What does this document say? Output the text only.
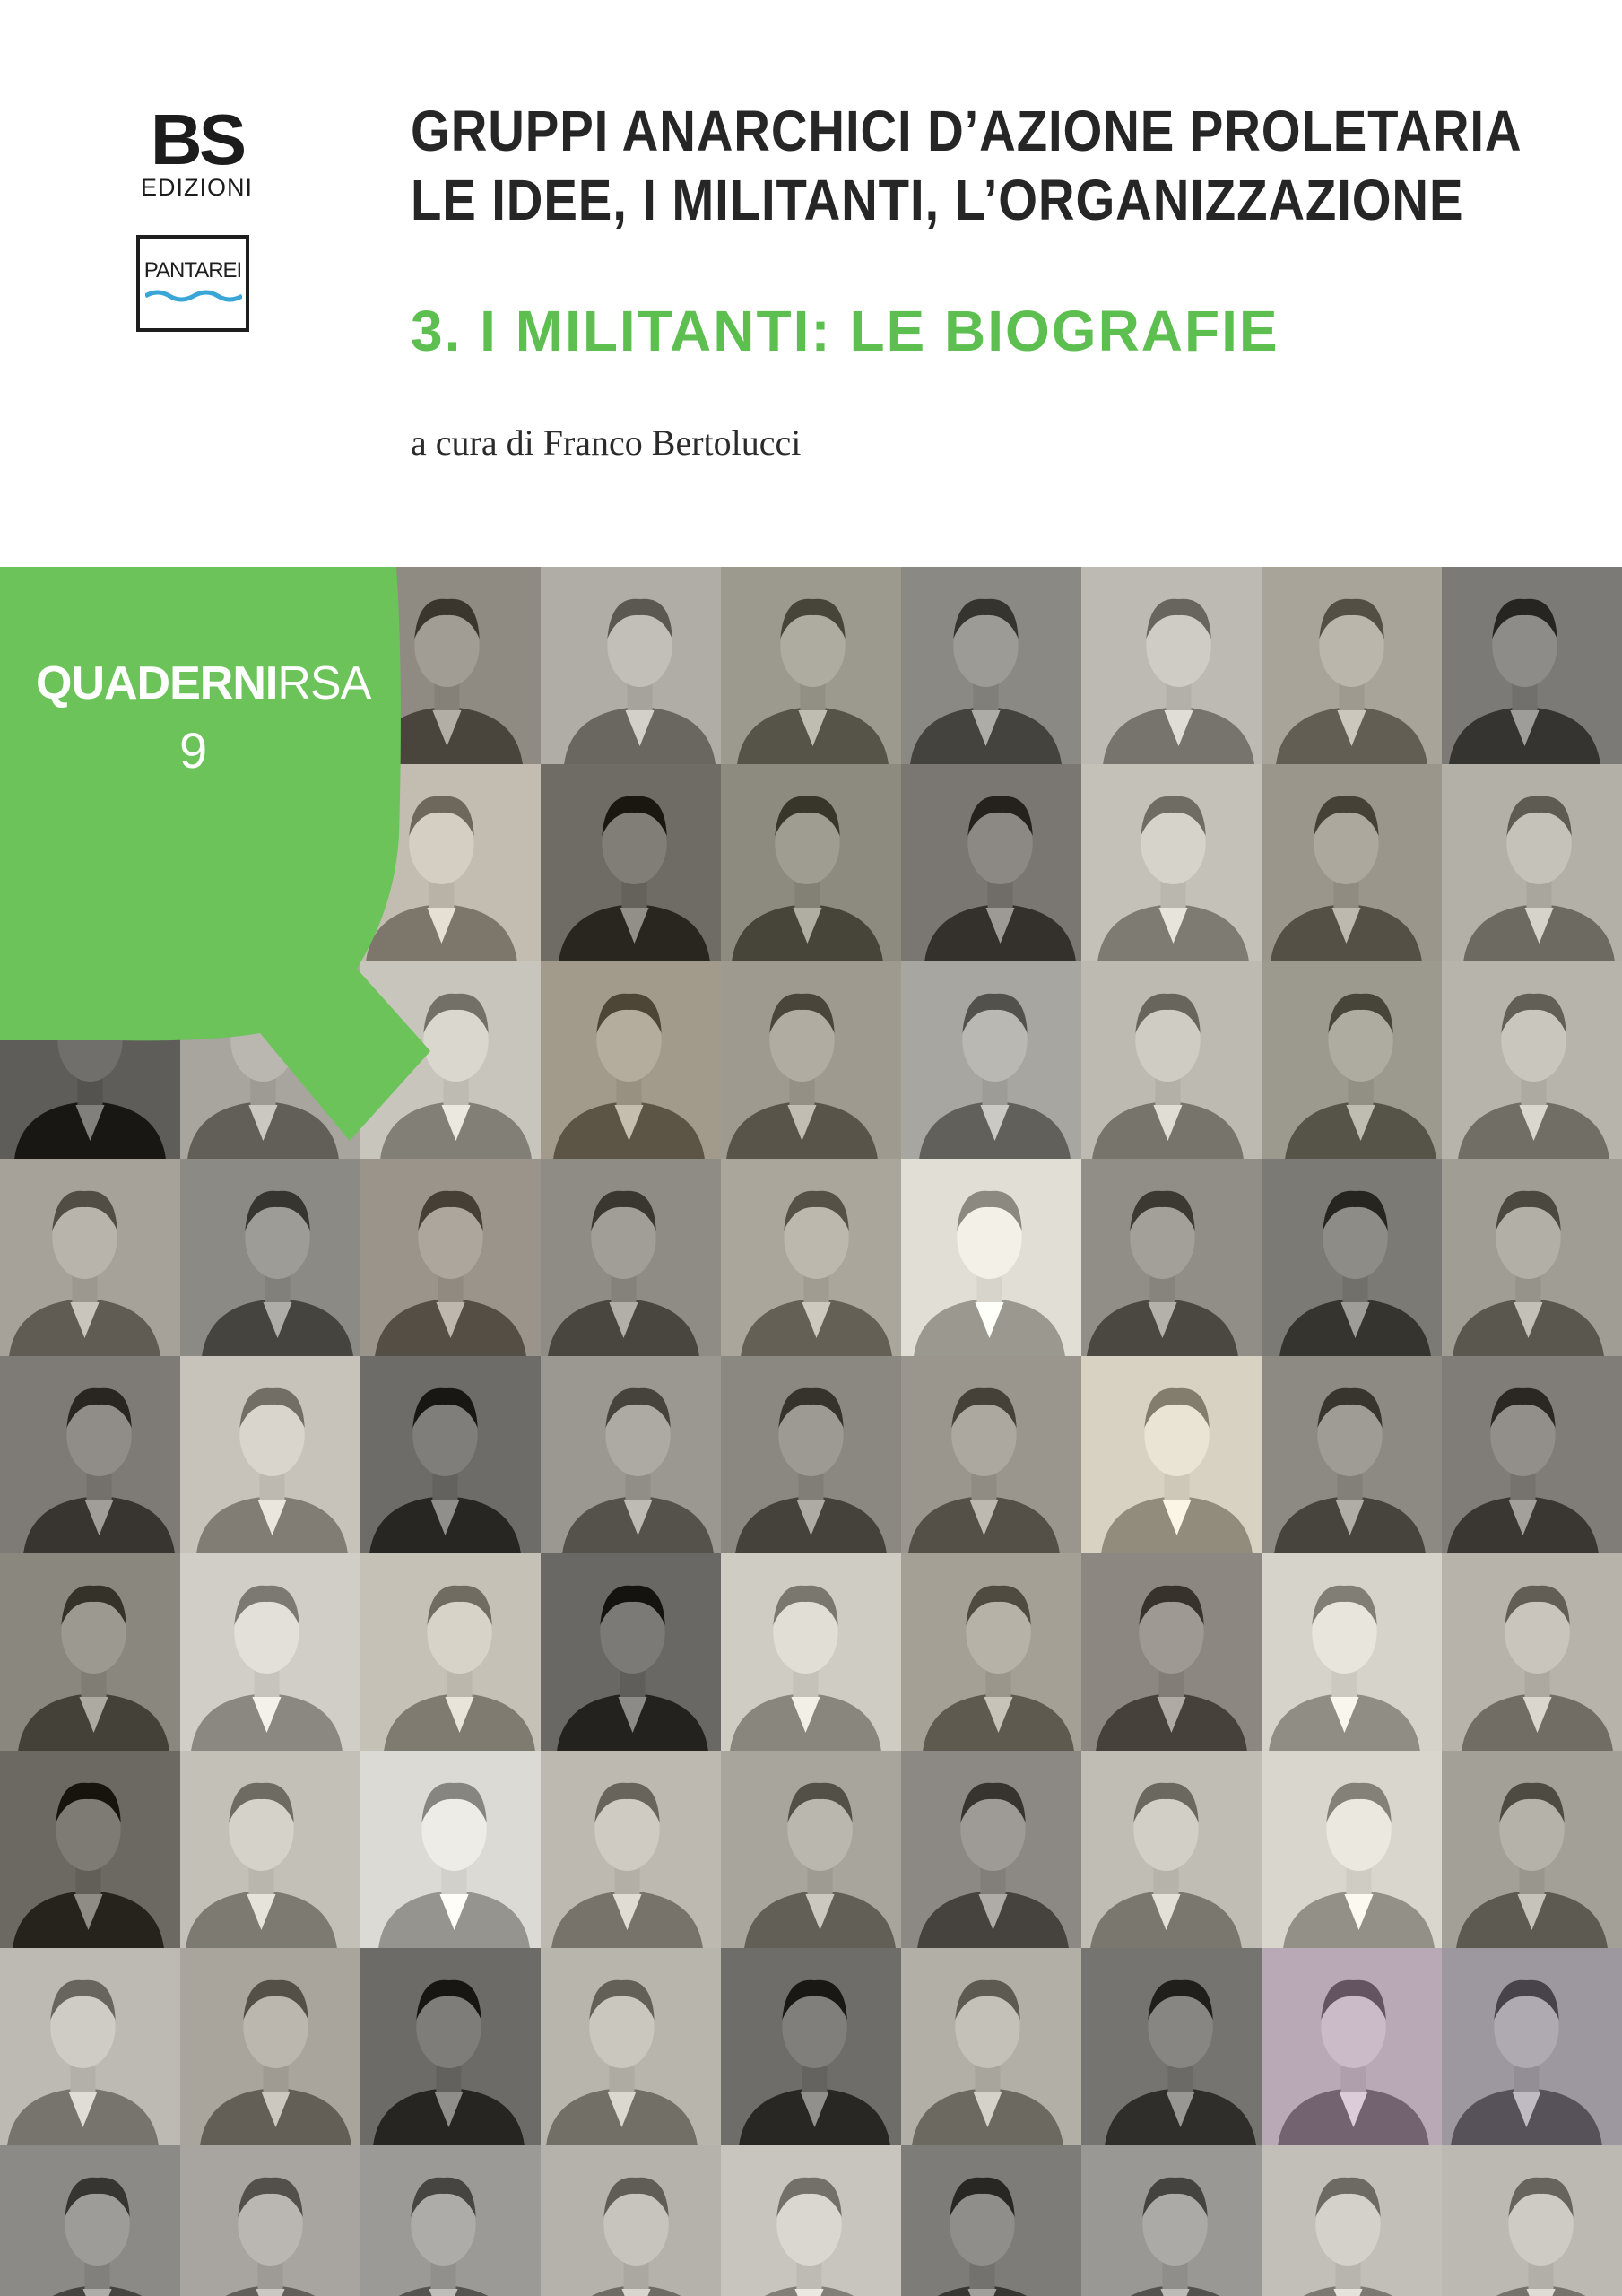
BS
EDIZIONI
PANTAREI
GRUPPI ANARCHICI D’AZIONE PROLETARIA
LE IDEE, I MILITANTI, L’ORGANIZZAZIONE
3. I MILITANTI: LE BIOGRAFIE
a cura di Franco Bertolucci
QUADERNIRSA
9
